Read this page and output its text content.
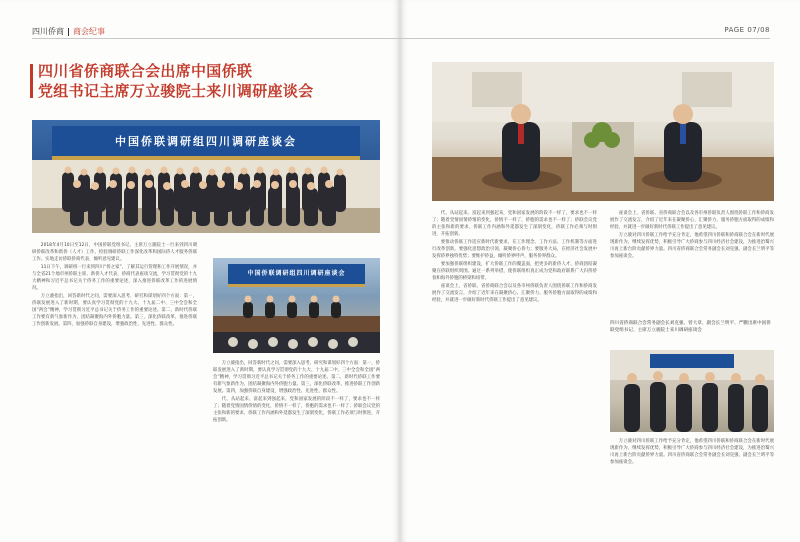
四川侨商 商会纪事
四川省侨商联合会出席中国侨联
党组书记主席万立骏院士来川调研座谈会
中国侨联调研组四川调研座谈会

2018年4月10日至12日，中国侨联党组书记、主席万立骏院士一行来到四川调研侨联改革和新侨（人才）工作，检验调研侨联工作深化改革和国际侨人才服务侨联工作。实地走访侨联侨商代表，倾听意见建议。

11日下午，调研组一行来到四川“侨之家”，了解其运行管理和工作开展情况，并与全省21个地市州侨联主席、新侨人才代表，侨商代表座谈交流，学习贯彻党的十九大精神和习近平总书记关于侨务工作的重要论述，深入推进侨联改革工作的进展情况。

万立骏指出，回答新时代之问，需要深入思考，研究和谋划好四个方面：第一，侨联发展进入了新时期，要认真学习贯彻党的十九大、十九届二中、三中全会和全国“两会”精神，学习贯彻习近平总书记关于侨务工作的重要论述。第二，新时代侨联工作要有新气象新作为，团结凝聚海内外侨胞力量。第三，深化侨联改革，推进侨联工作创新发展。第四，加强侨联自身建设，增强政治性、先进性、群众性。

中国侨联调研组四川调研座谈会

万立骏指出，回答新时代之问，需要深入思考，研究和谋划好四个方面：第一，侨联发展进入了新时期，要认真学习贯彻党的十九大、十九届二中、三中全会和全国“两会”精神，学习贯彻习近平总书记关于侨务工作的重要论述。第二，新时代侨联工作要有新气象新作为，团结凝聚海内外侨胞力量。第三，深化侨联改革，推进侨联工作创新发展。第四，加强侨联自身建设，增强政治性、先进性、群众性。

代、从站起来、富起来到强起来，党和国家发展的阶段不一样了，要求也不一样了；随着党情国情侨情的变化，侨情不一样了，侨胞的需求也不一样了；侨联会议党的主张和新的要求，侨联工作内涵和外延都发生了深刻变化，侨联工作必须与时俱进，开拓创新。

PAGE 07/08

代、从站起来、富起来到强起来，党和国家发展的阶段不一样了，要求也不一样了；随着党情国情侨情的变化，侨情不一样了，侨胞的需求也不一样了；侨联会议党的主张和新的要求，侨联工作内涵和外延都发生了深刻变化，侨联工作必须与时俱进，开拓创新。

要推动侨联工作适应新时代新要求，在工作理念、工作方法、工作机制等方面进行改革创新。要强化思想政治引领，凝聚侨心侨力；要服务大局，在经济社会发展中发挥侨界独特优势；要维护侨益，倾听侨界呼声，服务侨界群众。

要加强侨联组织建设，扩大侨联工作的覆盖面，把更多的新侨人才、侨商团结凝聚在侨联组织周围。通过一系列举措，使侨联组织真正成为党和政府联系广大归侨侨眷和海外侨胞的桥梁和纽带。

座谈会上，省侨联、省侨商联合会以及各市州侨联负责人围绕侨联工作和侨商发展作了交流发言，介绍了近年来在凝聚侨心、汇聚侨力、服务侨胞方面取得的成绩和经验，并就进一步做好新时代侨联工作提出了意见建议。

座谈会上，省侨联、省侨商联合会以及各市州侨联负责人围绕侨联工作和侨商发展作了交流发言，介绍了近年来在凝聚侨心、汇聚侨力、服务侨胞方面取得的成绩和经验，并就进一步做好新时代侨联工作提出了意见建议。

万立骏对四川侨联工作给予充分肯定，他希望四川侨联和侨商联合会在新时代展现新作为，继续发挥优势，积极引导广大侨商参与四川经济社会建设，为推进治蜀兴川再上新台阶贡献侨界力量。四川省侨商联合会常务副会长刘克强、副会长兰明平等参加座谈会。

四川省侨商联合会常务副会长刘克强、曾大章、副会长兰明平、严鹏出席中国侨联党组书记、主席万立骏院士来川调研座谈会

万立骏对四川侨联工作给予充分肯定，他希望四川侨联和侨商联合会在新时代展现新作为，继续发挥优势，积极引导广大侨商参与四川经济社会建设，为推进治蜀兴川再上新台阶贡献侨界力量。四川省侨商联合会常务副会长刘克强、副会长兰明平等参加座谈会。
